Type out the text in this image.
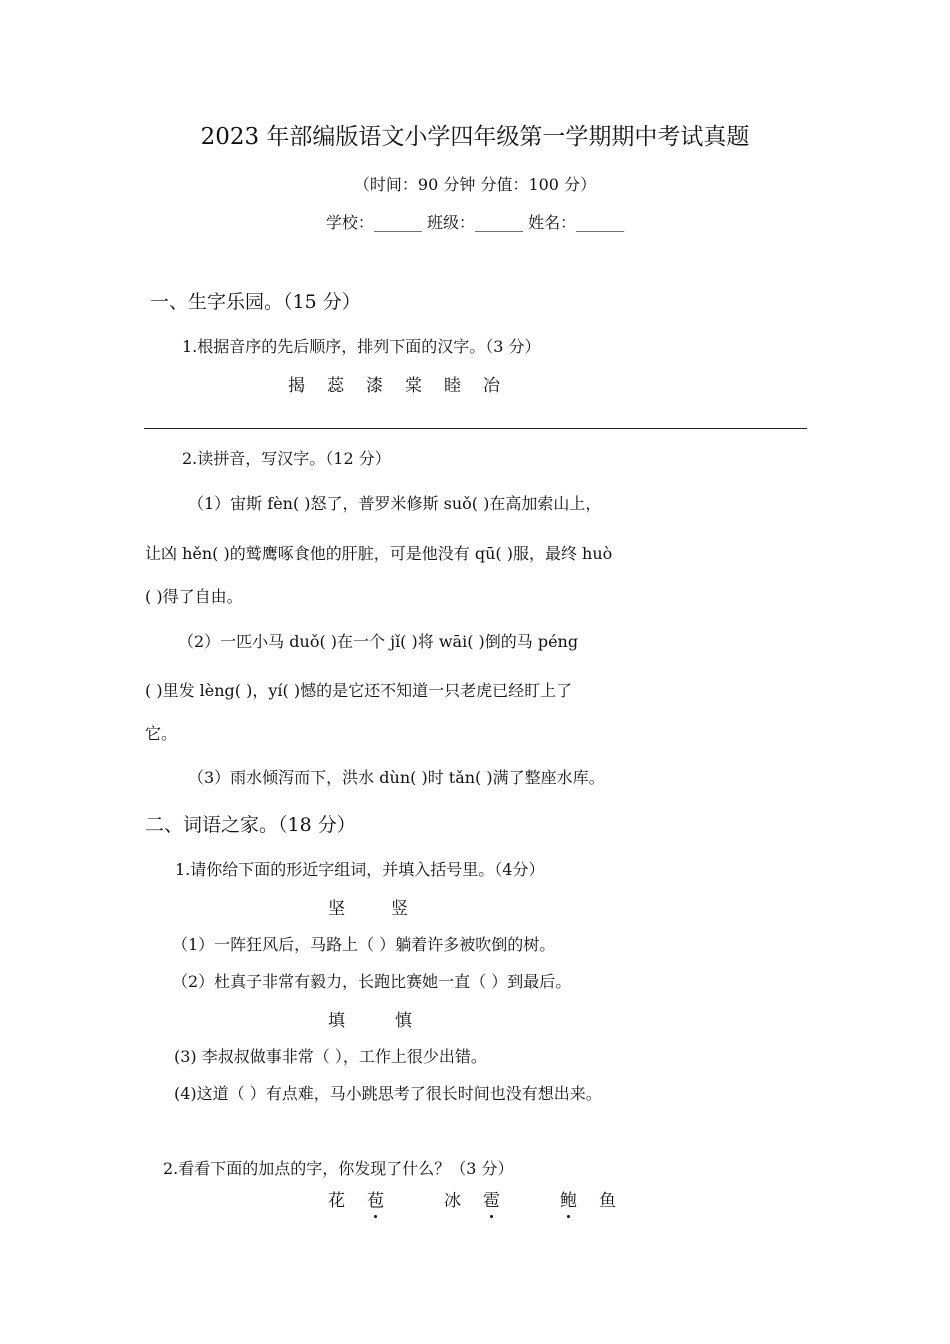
2023 年部编版语文小学四年级第一学期期中考试真题
（时间：90 分钟 分值：100 分）
学校：______ 班级：______ 姓名：______
一、生字乐园。（15 分）
1.根据音序的先后顺序，排列下面的汉字。（3 分）
揭 蕊 漆 棠 睦 冶
2.读拼音，写汉字。（12 分）
（1）宙斯 fèn( )怒了，普罗米修斯 suǒ( )在高加索山上，
让凶 hěn( )的鹫鹰啄食他的肝脏，可是他没有 qū( )服，最终 huò
( )得了自由。
（2）一匹小马 duǒ( )在一个 jǐ( )将 wāi( )倒的马 péng
( )里发 lèng( )，yí( )憾的是它还不知道一只老虎已经盯上了
它。
（3）雨水倾泻而下，洪水 dùn( )时 tǎn( )满了整座水库。
二、词语之家。（18 分）
1.请你给下面的形近字组词，并填入括号里。（4分）
坚	竖
（1）一阵狂风后，马路上（ ）躺着许多被吹倒的树。
（2）杜真子非常有毅力，长跑比赛她一直（ ）到最后。
填	慎
(3) 李叔叔做事非常（ ），工作上很少出错。
(4)这道（ ）有点难，马小跳思考了很长时间也没有想出来。
2.看看下面的加点的字，你发现了什么？（3 分）
花 苞	冰 雹	鲍 鱼
